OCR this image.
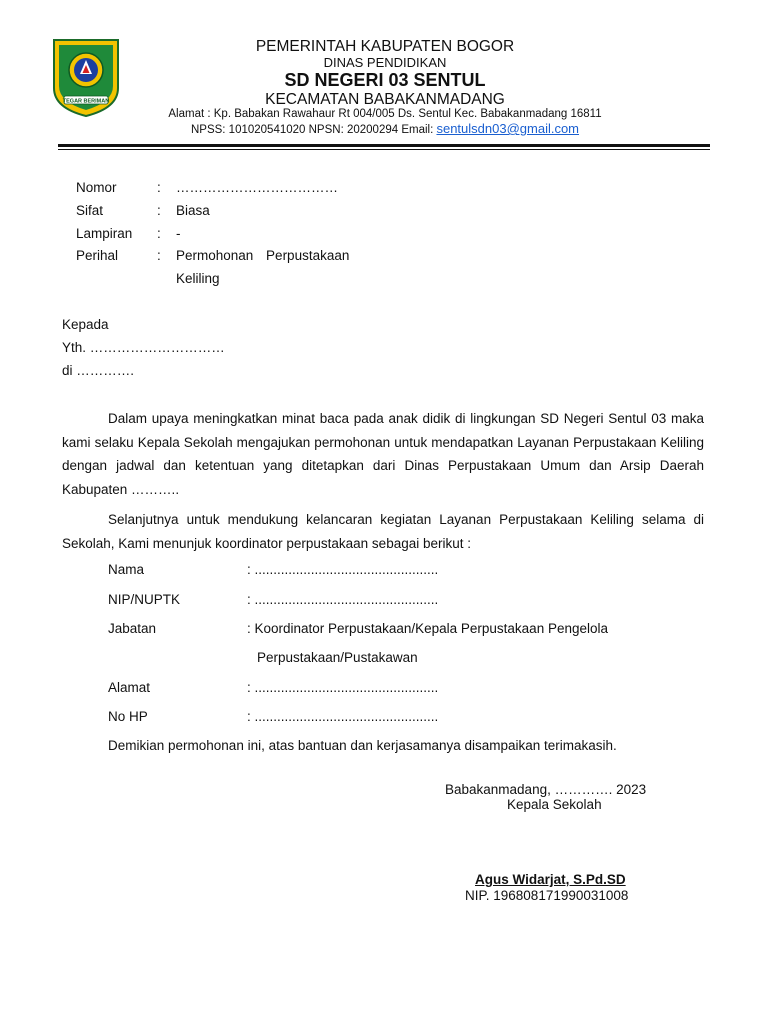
TEGAR BERIMAN
PEMERINTAH KABUPATEN BOGOR
DINAS PENDIDIKAN
SD NEGERI 03 SENTUL
KECAMATAN BABAKANMADANG
Alamat : Kp. Babakan Rawahaur Rt 004/005 Ds. Sentul Kec. Babakanmadang 16811
NPSS: 101020541020 NPSN: 20200294 Email: sentulsdn03@gmail.com
Nomor	: ………………………………
Sifat	: Biasa
Lampiran : -
Perihal	: Permohonan Perpustakaan
Keliling
Kepada
Yth. …………………………
di ………….
Dalam upaya meningkatkan minat baca pada anak didik di lingkungan SD Negeri Sentul 03 maka kami selaku Kepala Sekolah mengajukan permohonan untuk mendapatkan Layanan Perpustakaan Keliling dengan jadwal dan ketentuan yang ditetapkan dari Dinas Perpustakaan Umum dan Arsip Daerah Kabupaten ………..
Selanjutnya untuk mendukung kelancaran kegiatan Layanan Perpustakaan Keliling selama di Sekolah, Kami menunjuk koordinator perpustakaan sebagai berikut :
Nama	: .................................................
NIP/NUPTK	: .................................................
Jabatan	: Koordinator Perpustakaan/Kepala Perpustakaan Pengelola
Perpustakaan/Pustakawan
Alamat	: .................................................
No HP	: .................................................
Demikian permohonan ini, atas bantuan dan kerjasamanya disampaikan terimakasih.
Babakanmadang, …………. 2023
Kepala Sekolah
Agus Widarjat, S.Pd.SD
NIP. 196808171990031008
